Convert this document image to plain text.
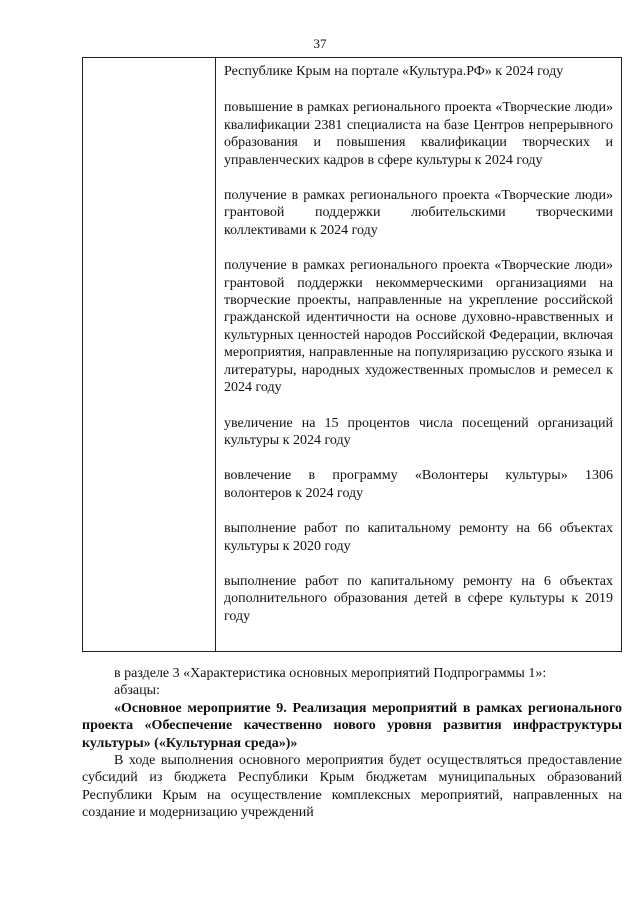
37

Республике Крым на портале «Культура.РФ» к 2024 году

повышение в рамках регионального проекта «Творческие люди» квалификации 2381 специалиста на базе Центров непрерывного образования и повышения квалификации творческих и управленческих кадров в сфере культуры к 2024 году

получение в рамках регионального проекта «Творческие люди» грантовой поддержки любительскими творческими коллективами к 2024 году

получение в рамках регионального проекта «Творческие люди» грантовой поддержки некоммерческими организациями на творческие проекты, направленные на укрепление российской гражданской идентичности на основе духовно-нравственных и культурных ценностей народов Российской Федерации, включая мероприятия, направленные на популяризацию русского языка и литературы, народных художественных промыслов и ремесел к 2024 году

увеличение на 15 процентов числа посещений организаций культуры к 2024 году

вовлечение в программу «Волонтеры культуры» 1306 волонтеров к 2024 году

выполнение работ по капитальному ремонту на 66 объектах культуры к 2020 году

выполнение работ по капитальному ремонту на 6 объектах дополнительного образования детей в сфере культуры к 2019 году

в разделе 3 «Характеристика основных мероприятий Подпрограммы 1»:

абзацы:

«Основное мероприятие 9. Реализация мероприятий в рамках регионального проекта «Обеспечение качественно нового уровня развития инфраструктуры культуры» («Культурная среда»)»

В ходе выполнения основного мероприятия будет осуществляться предоставление субсидий из бюджета Республики Крым бюджетам муниципальных образований Республики Крым на осуществление комплексных мероприятий, направленных на создание и модернизацию учреждений
